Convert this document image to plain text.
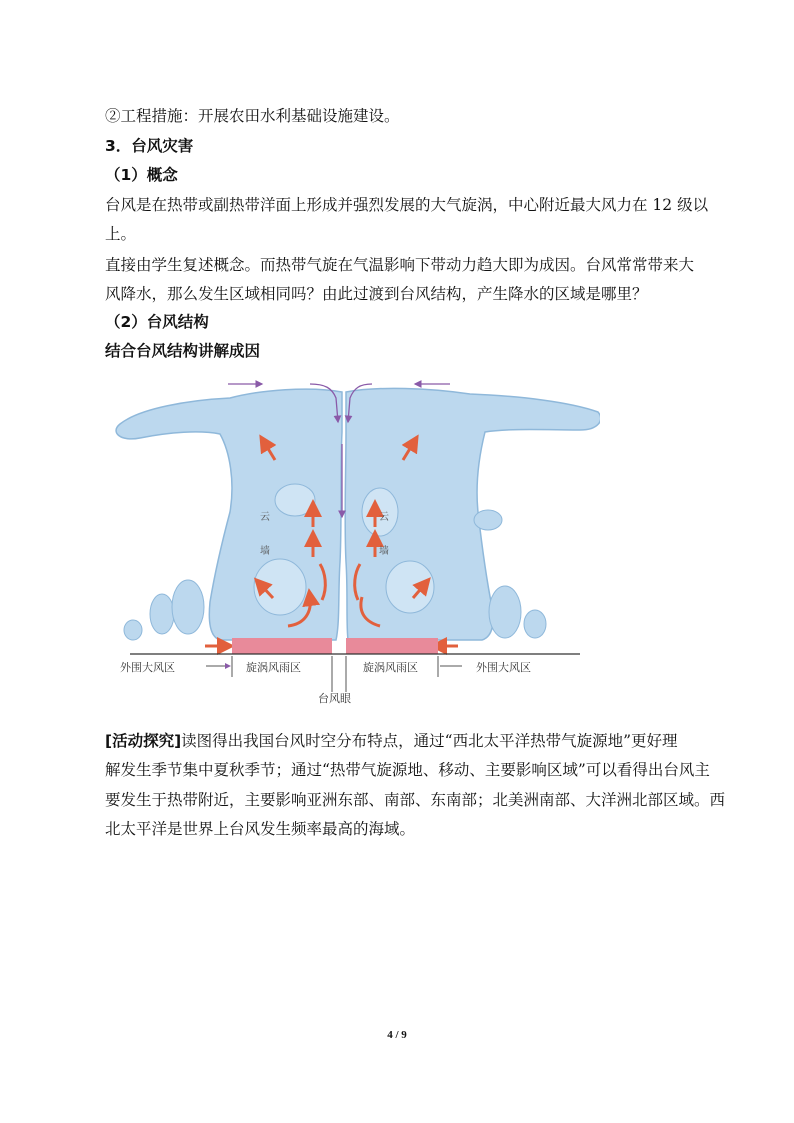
②工程措施：开展农田水利基础设施建设。
3．台风灾害
（1）概念
台风是在热带或副热带洋面上形成并强烈发展的大气旋涡，中心附近最大风力在 12 级以
上。
直接由学生复述概念。而热带气旋在气温影响下带动力趋大即为成因。台风常常带来大
风降水，那么发生区域相同吗？由此过渡到台风结构，产生降水的区域是哪里？
（2）台风结构
结合台风结构讲解成因
云
墙
云
墙
外围大风区	旋涡风雨区	旋涡风雨区	外围大风区
台风眼
[活动探究]读图得出我国台风时空分布特点，通过“西北太平洋热带气旋源地”更好理
解发生季节集中夏秋季节；通过“热带气旋源地、移动、主要影响区域”可以看得出台风主
要发生于热带附近，主要影响亚洲东部、南部、东南部；北美洲南部、大洋洲北部区域。西
北太平洋是世界上台风发生频率最高的海域。
4 / 9
